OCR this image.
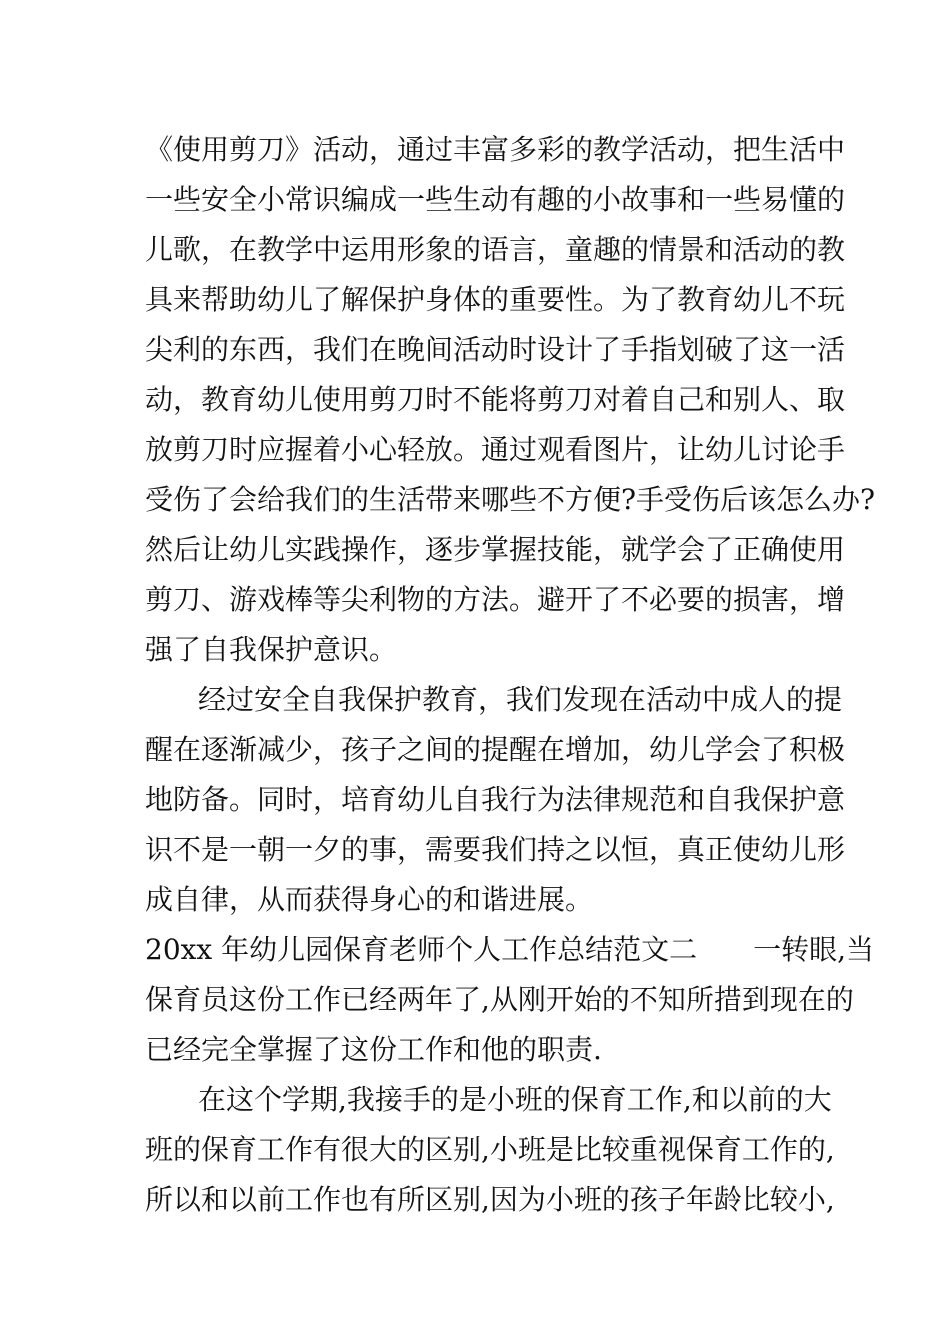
《使用剪刀》活动，通过丰富多彩的教学活动，把生活中
一些安全小常识编成一些生动有趣的小故事和一些易懂的
儿歌，在教学中运用形象的语言，童趣的情景和活动的教
具来帮助幼儿了解保护身体的重要性。为了教育幼儿不玩
尖利的东西，我们在晚间活动时设计了手指划破了这一活
动，教育幼儿使用剪刀时不能将剪刀对着自己和别人、取
放剪刀时应握着小心轻放。通过观看图片，让幼儿讨论手
受伤了会给我们的生活带来哪些不方便?手受伤后该怎么办?
然后让幼儿实践操作，逐步掌握技能，就学会了正确使用
剪刀、游戏棒等尖利物的方法。避开了不必要的损害，增
强了自我保护意识。
经过安全自我保护教育，我们发现在活动中成人的提
醒在逐渐减少，孩子之间的提醒在增加，幼儿学会了积极
地防备。同时，培育幼儿自我行为法律规范和自我保护意
识不是一朝一夕的事，需要我们持之以恒，真正使幼儿形
成自律，从而获得身心的和谐进展。
20xx 年幼儿园保育老师个人工作总结范文二　　一转眼,当
保育员这份工作已经两年了,从刚开始的不知所措到现在的
已经完全掌握了这份工作和他的职责.
在这个学期,我接手的是小班的保育工作,和以前的大
班的保育工作有很大的区别,小班是比较重视保育工作的,
所以和以前工作也有所区别,因为小班的孩子年龄比较小,
